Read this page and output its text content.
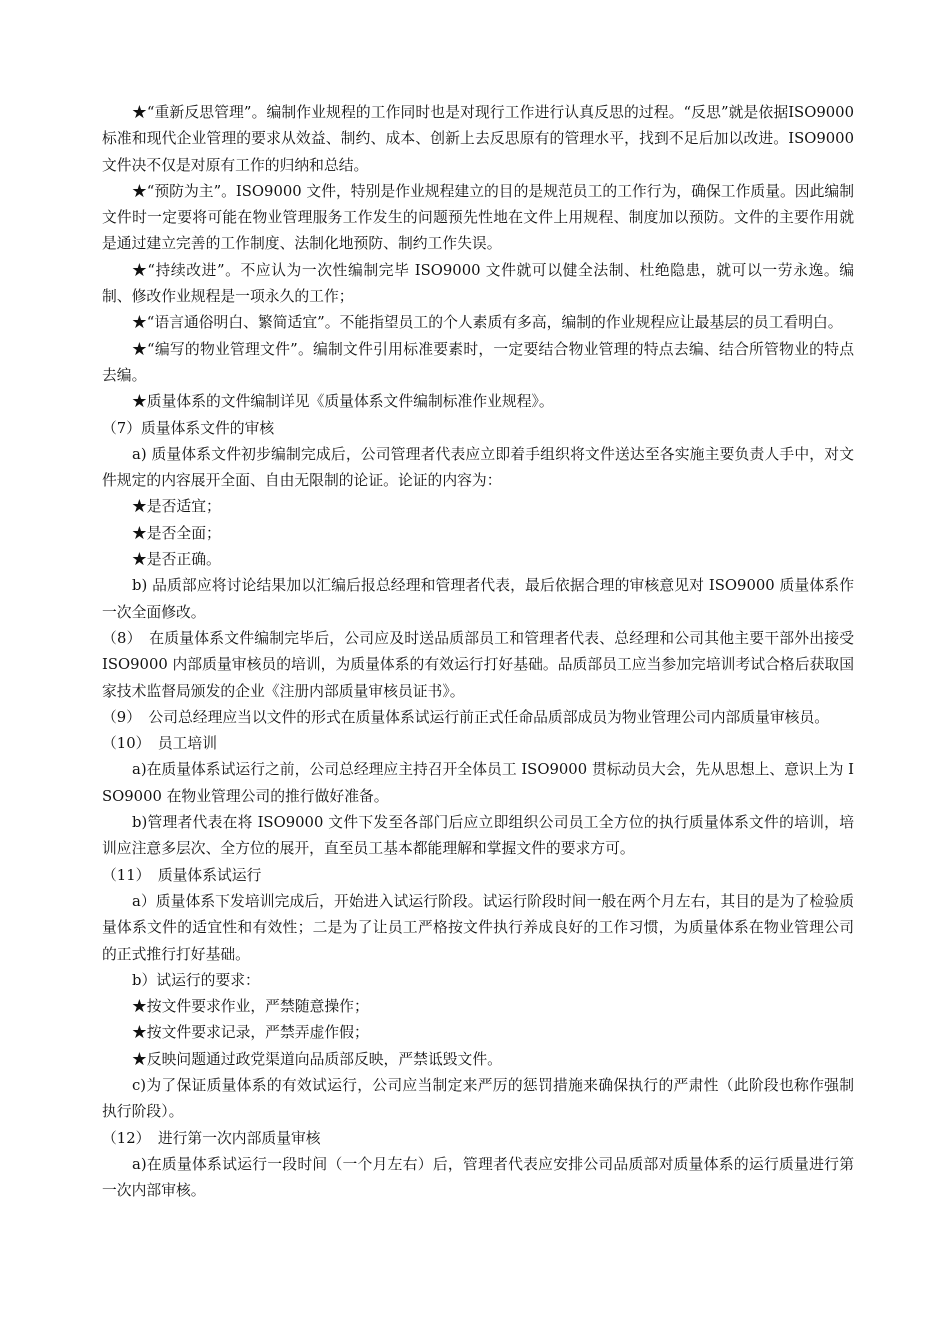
★“重新反思管理”。编制作业规程的工作同时也是对现行工作进行认真反思的过程。“反思”就是依据ISO9000 标准和现代企业管理的要求从效益、制约、成本、创新上去反思原有的管理水平，找到不足后加以改进。ISO9000 文件决不仅是对原有工作的归纳和总结。

★“预防为主”。ISO9000 文件，特别是作业规程建立的目的是规范员工的工作行为，确保工作质量。因此编制文件时一定要将可能在物业管理服务工作发生的问题预先性地在文件上用规程、制度加以预防。文件的主要作用就是通过建立完善的工作制度、法制化地预防、制约工作失误。

★“持续改进”。不应认为一次性编制完毕 ISO9000 文件就可以健全法制、杜绝隐患，就可以一劳永逸。编制、修改作业规程是一项永久的工作；

★“语言通俗明白、繁简适宜”。不能指望员工的个人素质有多高，编制的作业规程应让最基层的员工看明白。

★“编写的物业管理文件”。编制文件引用标准要素时，一定要结合物业管理的特点去编、结合所管物业的特点去编。

★质量体系的文件编制详见《质量体系文件编制标准作业规程》。

（7）质量体系文件的审核

a) 质量体系文件初步编制完成后，公司管理者代表应立即着手组织将文件送达至各实施主要负责人手中，对文件规定的内容展开全面、自由无限制的论证。论证的内容为：

★是否适宜；

★是否全面；

★是否正确。

b) 品质部应将讨论结果加以汇编后报总经理和管理者代表，最后依据合理的审核意见对 ISO9000 质量体系作一次全面修改。

（8）　在质量体系文件编制完毕后，公司应及时送品质部员工和管理者代表、总经理和公司其他主要干部外出接受 ISO9000 内部质量审核员的培训，为质量体系的有效运行打好基础。品质部员工应当参加完培训考试合格后获取国家技术监督局颁发的企业《注册内部质量审核员证书》。

（9）　公司总经理应当以文件的形式在质量体系试运行前正式任命品质部成员为物业管理公司内部质量审核员。

（10）　员工培训

a)在质量体系试运行之前，公司总经理应主持召开全体员工 ISO9000 贯标动员大会，先从思想上、意识上为 ISO9000 在物业管理公司的推行做好准备。

b)管理者代表在将 ISO9000 文件下发至各部门后应立即组织公司员工全方位的执行质量体系文件的培训，培训应注意多层次、全方位的展开，直至员工基本都能理解和掌握文件的要求方可。

（11）　质量体系试运行

a）质量体系下发培训完成后，开始进入试运行阶段。试运行阶段时间一般在两个月左右，其目的是为了检验质量体系文件的适宜性和有效性；二是为了让员工严格按文件执行养成良好的工作习惯，为质量体系在物业管理公司的正式推行打好基础。

b）试运行的要求：

★按文件要求作业，严禁随意操作；

★按文件要求记录，严禁弄虚作假；

★反映问题通过政党渠道向品质部反映，严禁诋毁文件。

c)为了保证质量体系的有效试运行，公司应当制定来严厉的惩罚措施来确保执行的严肃性（此阶段也称作强制执行阶段）。

（12）　进行第一次内部质量审核

a)在质量体系试运行一段时间（一个月左右）后，管理者代表应安排公司品质部对质量体系的运行质量进行第一次内部审核。
